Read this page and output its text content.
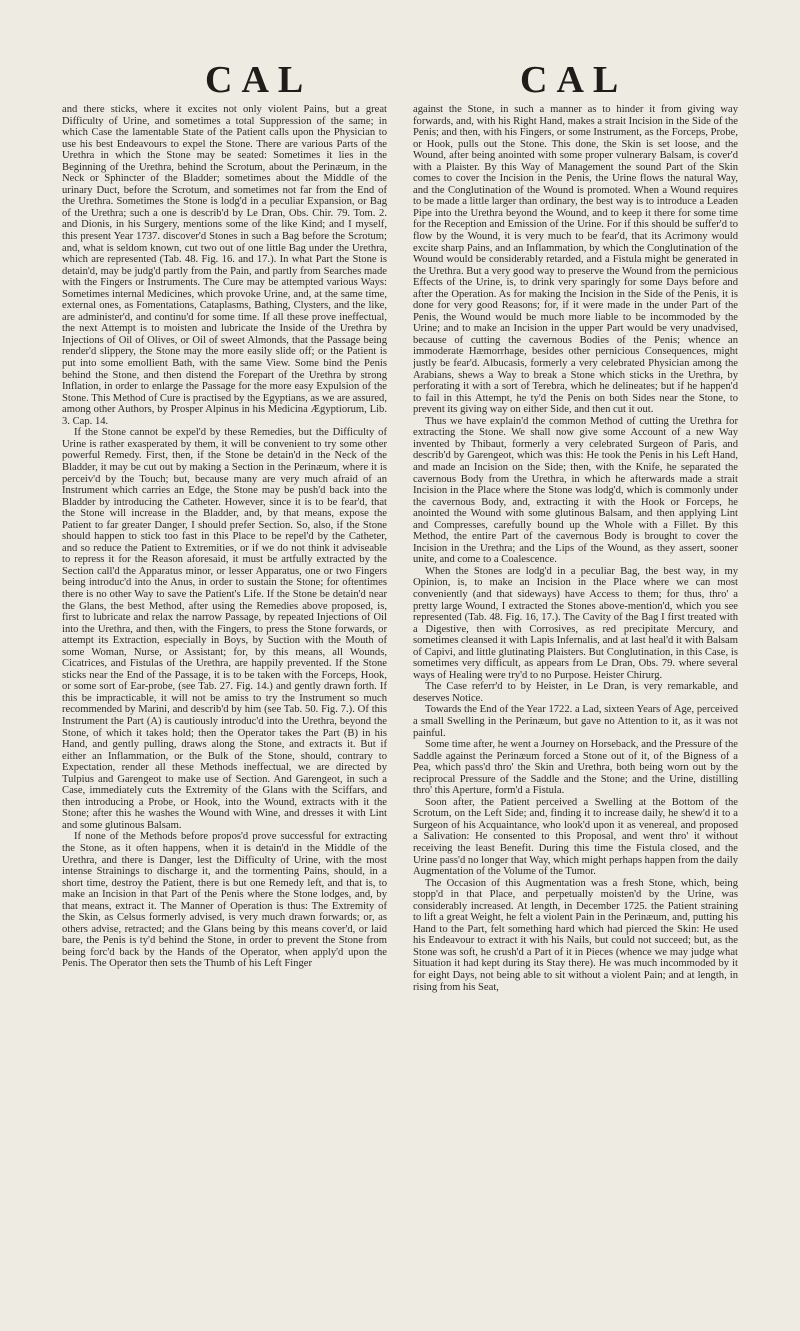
CAL	CAL

and there sticks, where it excites not only violent Pains, but a great Difficulty of Urine, and sometimes a total Suppression of the same; in which Case the lamentable State of the Patient calls upon the Physician to use his best Endeavours to expel the Stone. There are various Parts of the Urethra in which the Stone may be seated: Sometimes it lies in the Beginning of the Urethra, behind the Scrotum, about the Perinæum, in the Neck or Sphincter of the Bladder; sometimes about the Middle of the urinary Duct, before the Scrotum, and sometimes not far from the End of the Urethra. Sometimes the Stone is lodg'd in a peculiar Expansion, or Bag of the Urethra; such a one is describ'd by Le Dran, Obs. Chir. 79. Tom. 2. and Dionis, in his Surgery, mentions some of the like Kind; and I myself, this present Year 1737. discover'd Stones in such a Bag before the Scrotum; and, what is seldom known, cut two out of one little Bag under the Urethra, which are represented (Tab. 48. Fig. 16. and 17.). In what Part the Stone is detain'd, may be judg'd partly from the Pain, and partly from Searches made with the Fingers or Instruments. The Cure may be attempted various Ways: Sometimes internal Medicines, which provoke Urine, and, at the same time, external ones, as Fomentations, Cataplasms, Bathing, Clysters, and the like, are administer'd, and continu'd for some time. If all these prove ineffectual, the next Attempt is to moisten and lubricate the Inside of the Urethra by Injections of Oil of Olives, or Oil of sweet Almonds, that the Passage being render'd slippery, the Stone may the more easily slide off; or the Patient is put into some emollient Bath, with the same View. Some bind the Penis behind the Stone, and then distend the Forepart of the Urethra by strong Inflation, in order to enlarge the Passage for the more easy Expulsion of the Stone. This Method of Cure is practised by the Egyptians, as we are assured, among other Authors, by Prosper Alpinus in his Medicina Ægyptiorum, Lib. 3. Cap. 14.

If the Stone cannot be expel'd by these Remedies, but the Difficulty of Urine is rather exasperated by them, it will be convenient to try some other powerful Remedy. First, then, if the Stone be detain'd in the Neck of the Bladder, it may be cut out by making a Section in the Perinæum, where it is perceiv'd by the Touch; but, because many are very much afraid of an Instrument which carries an Edge, the Stone may be push'd back into the Bladder by introducing the Catheter. However, since it is to be fear'd, that the Stone will increase in the Bladder, and, by that means, expose the Patient to far greater Danger, I should prefer Section. So, also, if the Stone should happen to stick too fast in this Place to be repel'd by the Catheter, and so reduce the Patient to Extremities, or if we do not think it adviseable to repress it for the Reason aforesaid, it must be artfully extracted by the Section call'd the Apparatus minor, or lesser Apparatus, one or two Fingers being introduc'd into the Anus, in order to sustain the Stone; for oftentimes there is no other Way to save the Patient's Life. If the Stone be detain'd near the Glans, the best Method, after using the Remedies above proposed, is, first to lubricate and relax the narrow Passage, by repeated Injections of Oil into the Urethra, and then, with the Fingers, to press the Stone forwards, or attempt its Extraction, especially in Boys, by Suction with the Mouth of some Woman, Nurse, or Assistant; for, by this means, all Wounds, Cicatrices, and Fistulas of the Urethra, are happily prevented. If the Stone sticks near the End of the Passage, it is to be taken with the Forceps, Hook, or some sort of Ear-probe, (see Tab. 27. Fig. 14.) and gently drawn forth. If this be impracticable, it will not be amiss to try the Instrument so much recommended by Marini, and describ'd by him (see Tab. 50. Fig. 7.). Of this Instrument the Part (A) is cautiously introduc'd into the Urethra, beyond the Stone, of which it takes hold; then the Operator takes the Part (B) in his Hand, and gently pulling, draws along the Stone, and extracts it. But if either an Inflammation, or the Bulk of the Stone, should, contrary to Expectation, render all these Methods ineffectual, we are directed by Tulpius and Garengeot to make use of Section. And Garengeot, in such a Case, immediately cuts the Extremity of the Glans with the Sciffars, and then introducing a Probe, or Hook, into the Wound, extracts with it the Stone; after this he washes the Wound with Wine, and dresses it with Lint and some glutinous Balsam.

If none of the Methods before propos'd prove successful for extracting the Stone, as it often happens, when it is detain'd in the Middle of the Urethra, and there is Danger, lest the Difficulty of Urine, with the most intense Strainings to discharge it, and the tormenting Pains, should, in a short time, destroy the Patient, there is but one Remedy left, and that is, to make an Incision in that Part of the Penis where the Stone lodges, and, by that means, extract it. The Manner of Operation is thus: The Extremity of the Skin, as Celsus formerly advised, is very much drawn forwards; or, as others advise, retracted; and the Glans being by this means cover'd, or laid bare, the Penis is ty'd behind the Stone, in order to prevent the Stone from being forc'd back by the Hands of the Operator, when apply'd upon the Penis. The Operator then sets the Thumb of his Left Finger

against the Stone, in such a manner as to hinder it from giving way forwards, and, with his Right Hand, makes a strait Incision in the Side of the Penis; and then, with his Fingers, or some Instrument, as the Forceps, Probe, or Hook, pulls out the Stone. This done, the Skin is set loose, and the Wound, after being anointed with some proper vulnerary Balsam, is cover'd with a Plaister. By this Way of Management the sound Part of the Skin comes to cover the Incision in the Penis, the Urine flows the natural Way, and the Conglutination of the Wound is promoted. When a Wound requires to be made a little larger than ordinary, the best way is to introduce a Leaden Pipe into the Urethra beyond the Wound, and to keep it there for some time for the Reception and Emission of the Urine. For if this should be suffer'd to flow by the Wound, it is very much to be fear'd, that its Acrimony would excite sharp Pains, and an Inflammation, by which the Conglutination of the Wound would be considerably retarded, and a Fistula might be generated in the Urethra. But a very good way to preserve the Wound from the pernicious Effects of the Urine, is, to drink very sparingly for some Days before and after the Operation. As for making the Incision in the Side of the Penis, it is done for very good Reasons; for, if it were made in the under Part of the Penis, the Wound would be much more liable to be incommoded by the Urine; and to make an Incision in the upper Part would be very unadvised, because of cutting the cavernous Bodies of the Penis; whence an immoderate Hæmorrhage, besides other pernicious Consequences, might justly be fear'd. Albucasis, formerly a very celebrated Physician among the Arabians, shews a Way to break a Stone which sticks in the Urethra, by perforating it with a sort of Terebra, which he delineates; but if he happen'd to fail in this Attempt, he ty'd the Penis on both Sides near the Stone, to prevent its giving way on either Side, and then cut it out.

Thus we have explain'd the common Method of cutting the Urethra for extracting the Stone. We shall now give some Account of a new Way invented by Thibaut, formerly a very celebrated Surgeon of Paris, and describ'd by Garengeot, which was this: He took the Penis in his Left Hand, and made an Incision on the Side; then, with the Knife, he separated the cavernous Body from the Urethra, in which he afterwards made a strait Incision in the Place where the Stone was lodg'd, which is commonly under the cavernous Body, and, extracting it with the Hook or Forceps, he anointed the Wound with some glutinous Balsam, and then applying Lint and Compresses, carefully bound up the Whole with a Fillet. By this Method, the entire Part of the cavernous Body is brought to cover the Incision in the Urethra; and the Lips of the Wound, as they assert, sooner unite, and come to a Coalescence.

When the Stones are lodg'd in a peculiar Bag, the best way, in my Opinion, is, to make an Incision in the Place where we can most conveniently (and that sideways) have Access to them; for thus, thro' a pretty large Wound, I extracted the Stones above-mention'd, which you see represented (Tab. 48. Fig. 16, 17.). The Cavity of the Bag I first treated with a Digestive, then with Corrosives, as red precipitate Mercury, and sometimes cleansed it with Lapis Infernalis, and at last heal'd it with Balsam of Capivi, and little glutinating Plaisters. But Conglutination, in this Case, is sometimes very difficult, as appears from Le Dran, Obs. 79. where several ways of Healing were try'd to no Purpose. Heister Chirurg.

The Case referr'd to by Heister, in Le Dran, is very remarkable, and deserves Notice.

Towards the End of the Year 1722. a Lad, sixteen Years of Age, perceived a small Swelling in the Perinæum, but gave no Attention to it, as it was not painful.

Some time after, he went a Journey on Horseback, and the Pressure of the Saddle against the Perinæum forced a Stone out of it, of the Bigness of a Pea, which pass'd thro' the Skin and Urethra, both being worn out by the reciprocal Pressure of the Saddle and the Stone; and the Urine, distilling thro' this Aperture, form'd a Fistula.

Soon after, the Patient perceived a Swelling at the Bottom of the Scrotum, on the Left Side; and, finding it to increase daily, he shew'd it to a Surgeon of his Acquaintance, who look'd upon it as venereal, and proposed a Salivation: He consented to this Proposal, and went thro' it without receiving the least Benefit. During this time the Fistula closed, and the Urine pass'd no longer that Way, which might perhaps happen from the daily Augmentation of the Volume of the Tumor.

The Occasion of this Augmentation was a fresh Stone, which, being stopp'd in that Place, and perpetually moisten'd by the Urine, was considerably increased. At length, in December 1725. the Patient straining to lift a great Weight, he felt a violent Pain in the Perinæum, and, putting his Hand to the Part, felt something hard which had pierced the Skin: He used his Endeavour to extract it with his Nails, but could not succeed; but, as the Stone was soft, he crush'd a Part of it in Pieces (whence we may judge what Situation it had kept during its Stay there). He was much incommoded by it for eight Days, not being able to sit without a violent Pain; and at length, in rising from his Seat,
